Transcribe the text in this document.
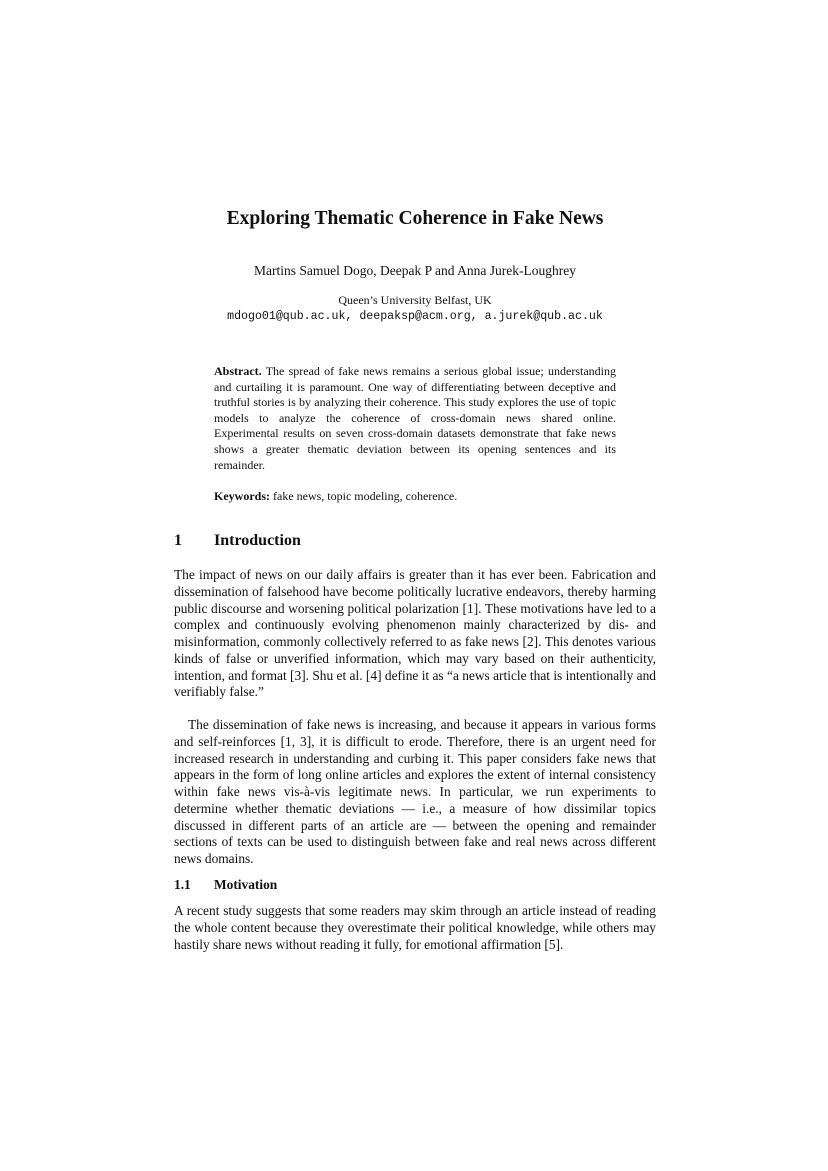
Exploring Thematic Coherence in Fake News
Martins Samuel Dogo, Deepak P and Anna Jurek-Loughrey
Queen’s University Belfast, UK
mdogo01@qub.ac.uk, deepaksp@acm.org, a.jurek@qub.ac.uk
Abstract. The spread of fake news remains a serious global issue; understanding and curtailing it is paramount. One way of differentiating between deceptive and truthful stories is by analyzing their coherence. This study explores the use of topic models to analyze the coherence of cross-domain news shared online. Experimental results on seven cross-domain datasets demonstrate that fake news shows a greater thematic deviation between its opening sentences and its remainder.
Keywords: fake news, topic modeling, coherence.
1 Introduction

The impact of news on our daily affairs is greater than it has ever been. Fabrication and dissemination of falsehood have become politically lucrative endeavors, thereby harming public discourse and worsening political polarization [1]. These motivations have led to a complex and continuously evolving phenomenon mainly characterized by dis- and misinformation, commonly collectively referred to as fake news [2]. This denotes various kinds of false or unverified information, which may vary based on their authenticity, intention, and format [3]. Shu et al. [4] define it as “a news article that is intentionally and verifiably false.”

The dissemination of fake news is increasing, and because it appears in various forms and self-reinforces [1, 3], it is difficult to erode. Therefore, there is an urgent need for increased research in understanding and curbing it. This paper considers fake news that appears in the form of long online articles and explores the extent of internal consistency within fake news vis-à-vis legitimate news. In particular, we run experiments to determine whether thematic deviations — i.e., a measure of how dissimilar topics discussed in different parts of an article are — between the opening and remainder sections of texts can be used to distinguish between fake and real news across different news domains.

1.1 Motivation

A recent study suggests that some readers may skim through an article instead of reading the whole content because they overestimate their political knowledge, while others may hastily share news without reading it fully, for emotional affirmation [5].
